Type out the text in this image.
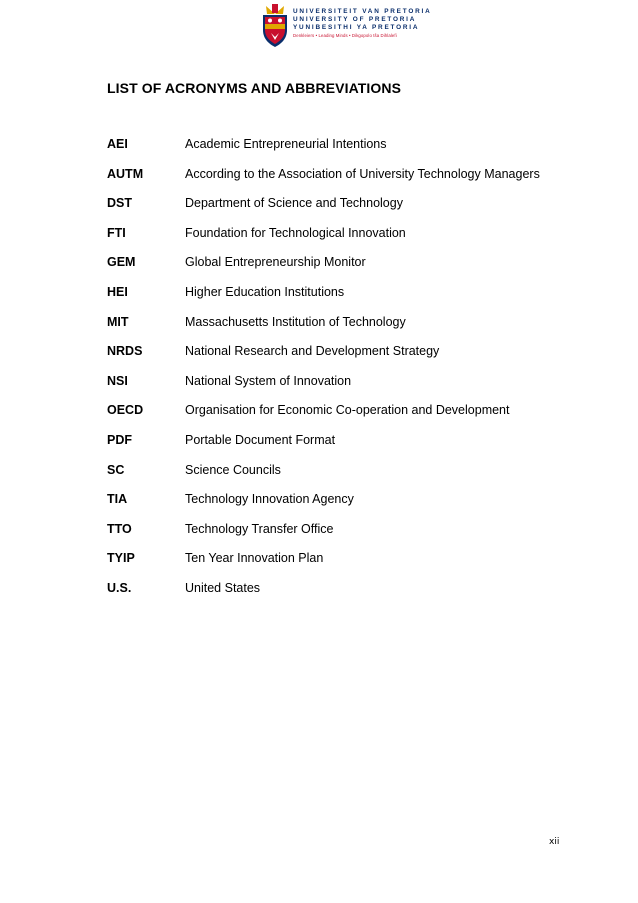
UNIVERSITEIT VAN PRETORIA
UNIVERSITY OF PRETORIA
YUNIBESITHI YA PRETORIA
Denkleiers • Leading Minds • Dikgopolo tša Dihlalefi
LIST OF ACRONYMS AND ABBREVIATIONS
AEI	Academic Entrepreneurial Intentions
AUTM	According to the Association of University Technology Managers
DST	Department of Science and Technology
FTI	Foundation for Technological Innovation
GEM	Global Entrepreneurship Monitor
HEI	Higher Education Institutions
MIT	Massachusetts Institution of Technology
NRDS	National Research and Development Strategy
NSI	National System of Innovation
OECD	Organisation for Economic Co-operation and Development
PDF	Portable Document Format
SC	Science Councils
TIA	Technology Innovation Agency
TTO	Technology Transfer Office
TYIP	Ten Year Innovation Plan
U.S.	United States
xii
